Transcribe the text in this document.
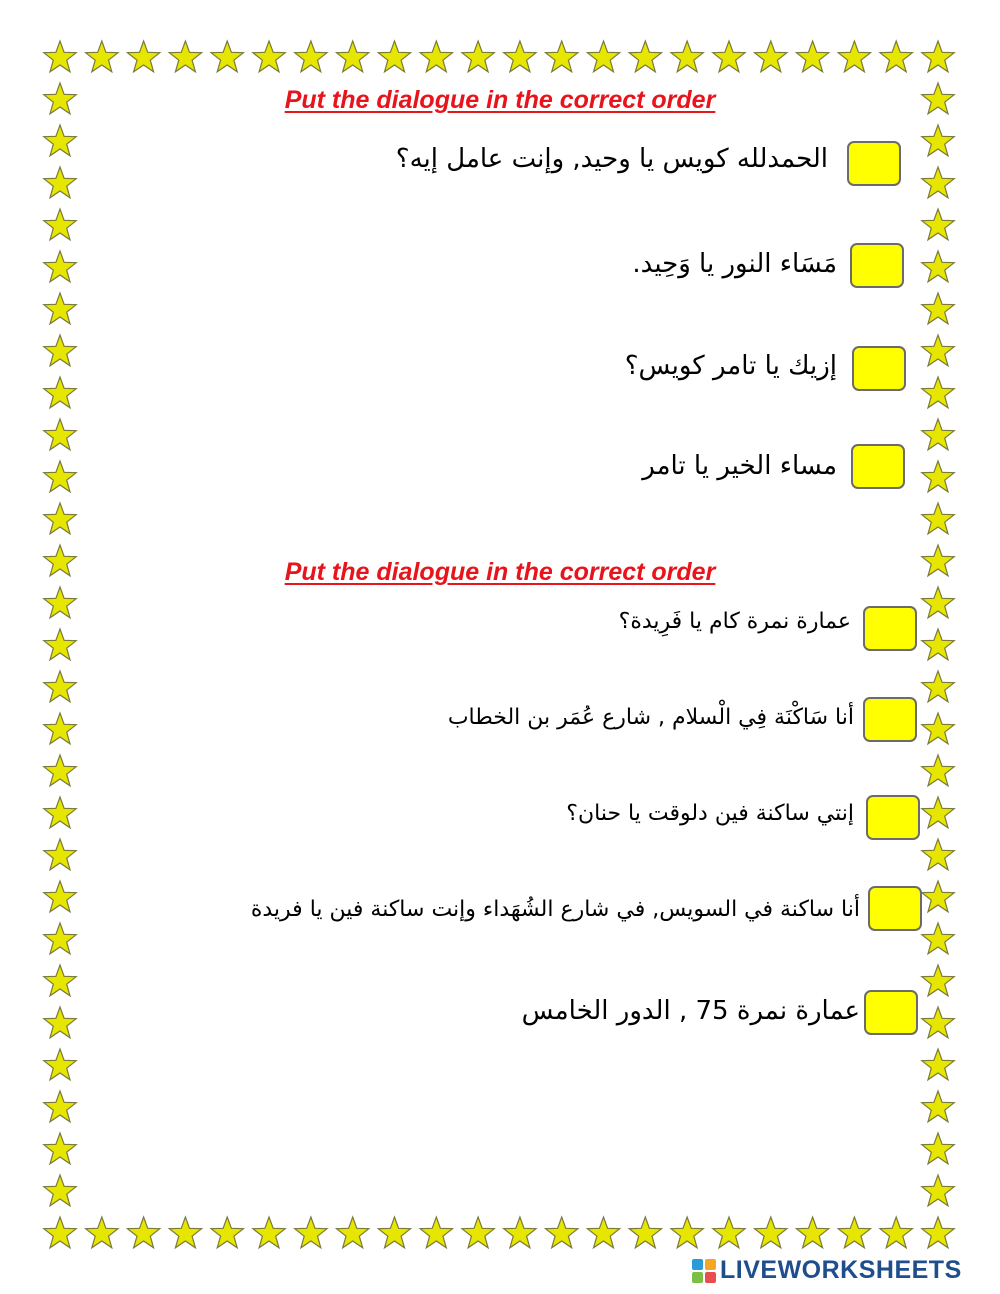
Put the dialogue in the correct order
الحمدلله كويس يا وحيد, وإنت عامل إيه؟
مَسَاء النور يا وَحِيد.
إزيك يا تامر كويس؟
مساء الخير يا تامر
Put the dialogue in the correct order
عمارة نمرة كام يا فَرِيدة؟
أنا سَاكْنَة فِي الْسلام , شارع عُمَر بن الخطاب
إنتي ساكنة فين دلوقت يا حنان؟
أنا ساكنة في السويس, في شارع الشُهَداء وإنت ساكنة فين يا فريدة
عمارة نمرة 75 , الدور الخامس
LIVEWORKSHEETS
